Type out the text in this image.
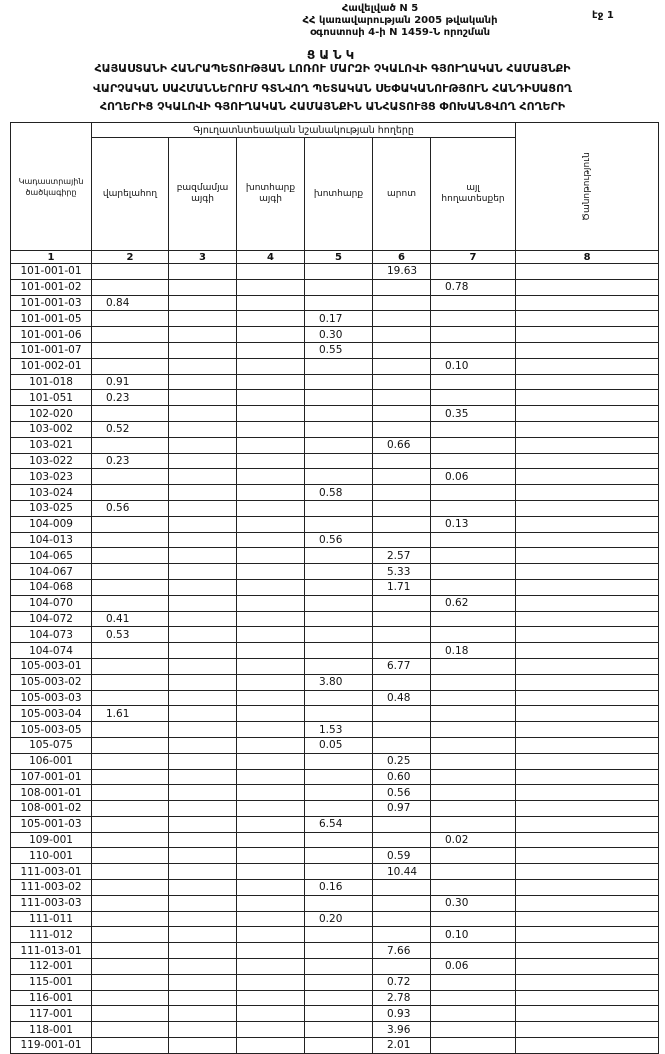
Հավելված N 5
ՀՀ կառավարության 2005 թվականի
օգոստոսի 4-ի N 1459-Ն որոշման
էջ 1
ՑԱՆԿ
ՀԱՅԱՍՏԱՆԻ ՀԱՆՐԱՊԵՏՈՒԹՅԱՆ ԼՈՌՈՒ ՄԱՐԶԻ ՉԿԱԼՈՎԻ ԳՅՈՒՂԱԿԱՆ ՀԱՄԱՅՆՔԻ
ՎԱՐՉԱԿԱՆ ՍԱՀՄԱՆՆԵՐՈՒՄ ԳՏՆՎՈՂ ՊԵՏԱԿԱՆ ՍԵՓԱԿԱՆՈՒԹՅՈՒՆ ՀԱՆԴԻՍԱՑՈՂ
ՀՈՂԵՐԻՑ ՉԿԱԼՈՎԻ ԳՅՈՒՂԱԿԱՆ ՀԱՄԱՅՆՔԻՆ ԱՆՀԱՏՈՒՅՑ ՓՈԽԱՆՑՎՈՂ ՀՈՂԵՐԻ
Կադաստրային ծածկագիրը	Գյուղատնտեսական նշանակության հողերը						Ծանոթություն
	վարելահող	բազմամյա այգի	խոտհարք այգի	խոտհարք	արոտ	այլ հողատեսքեր	
1	2	3	4	5	6	7	8
101-001-01					19.63		
101-001-02						0.78	
101-001-03	0.84						
101-001-05				0.17			
101-001-06				0.30			
101-001-07				0.55			
101-002-01						0.10	
101-018	0.91						
101-051	0.23						
102-020						0.35	
103-002	0.52						
103-021					0.66		
103-022	0.23						
103-023						0.06	
103-024				0.58			
103-025	0.56						
104-009						0.13	
104-013				0.56			
104-065					2.57		
104-067					5.33		
104-068					1.71		
104-070						0.62	
104-072	0.41						
104-073	0.53						
104-074						0.18	
105-003-01					6.77		
105-003-02				3.80			
105-003-03					0.48		
105-003-04	1.61						
105-003-05				1.53			
105-075				0.05			
106-001					0.25		
107-001-01					0.60		
108-001-01					0.56		
108-001-02					0.97		
105-001-03				6.54			
109-001						0.02	
110-001					0.59		
111-003-01					10.44		
111-003-02				0.16			
111-003-03						0.30	
111-011				0.20			
111-012						0.10	
111-013-01					7.66		
112-001						0.06	
115-001					0.72		
116-001					2.78		
117-001					0.93		
118-001					3.96		
119-001-01					2.01		
